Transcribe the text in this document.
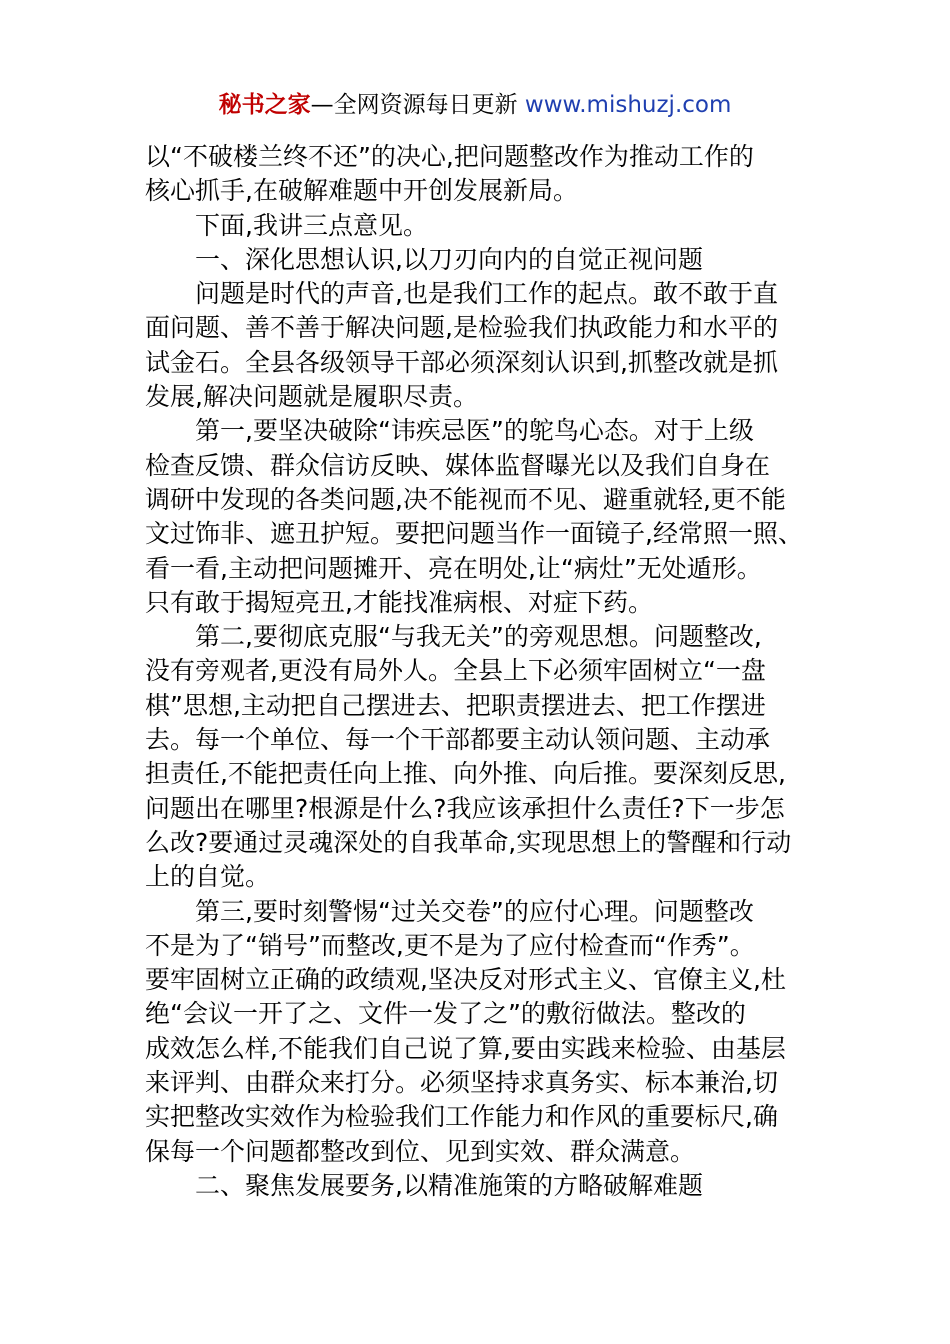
秘书之家—全网资源每日更新 www.mishuzj.com
以“不破楼兰终不还”的决心,把问题整改作为推动工作的
核心抓手,在破解难题中开创发展新局。
下面,我讲三点意见。
一、深化思想认识,以刀刃向内的自觉正视问题
问题是时代的声音,也是我们工作的起点。敢不敢于直
面问题、善不善于解决问题,是检验我们执政能力和水平的
试金石。全县各级领导干部必须深刻认识到,抓整改就是抓
发展,解决问题就是履职尽责。
第一,要坚决破除“讳疾忌医”的鸵鸟心态。对于上级
检查反馈、群众信访反映、媒体监督曝光以及我们自身在
调研中发现的各类问题,决不能视而不见、避重就轻,更不能
文过饰非、遮丑护短。要把问题当作一面镜子,经常照一照、
看一看,主动把问题摊开、亮在明处,让“病灶”无处遁形。
只有敢于揭短亮丑,才能找准病根、对症下药。
第二,要彻底克服“与我无关”的旁观思想。问题整改,
没有旁观者,更没有局外人。全县上下必须牢固树立“一盘
棋”思想,主动把自己摆进去、把职责摆进去、把工作摆进
去。每一个单位、每一个干部都要主动认领问题、主动承
担责任,不能把责任向上推、向外推、向后推。要深刻反思,
问题出在哪里?根源是什么?我应该承担什么责任?下一步怎
么改?要通过灵魂深处的自我革命,实现思想上的警醒和行动
上的自觉。
第三,要时刻警惕“过关交卷”的应付心理。问题整改
不是为了“销号”而整改,更不是为了应付检查而“作秀”。
要牢固树立正确的政绩观,坚决反对形式主义、官僚主义,杜
绝“会议一开了之、文件一发了之”的敷衍做法。整改的
成效怎么样,不能我们自己说了算,要由实践来检验、由基层
来评判、由群众来打分。必须坚持求真务实、标本兼治,切
实把整改实效作为检验我们工作能力和作风的重要标尺,确
保每一个问题都整改到位、见到实效、群众满意。
二、聚焦发展要务,以精准施策的方略破解难题
